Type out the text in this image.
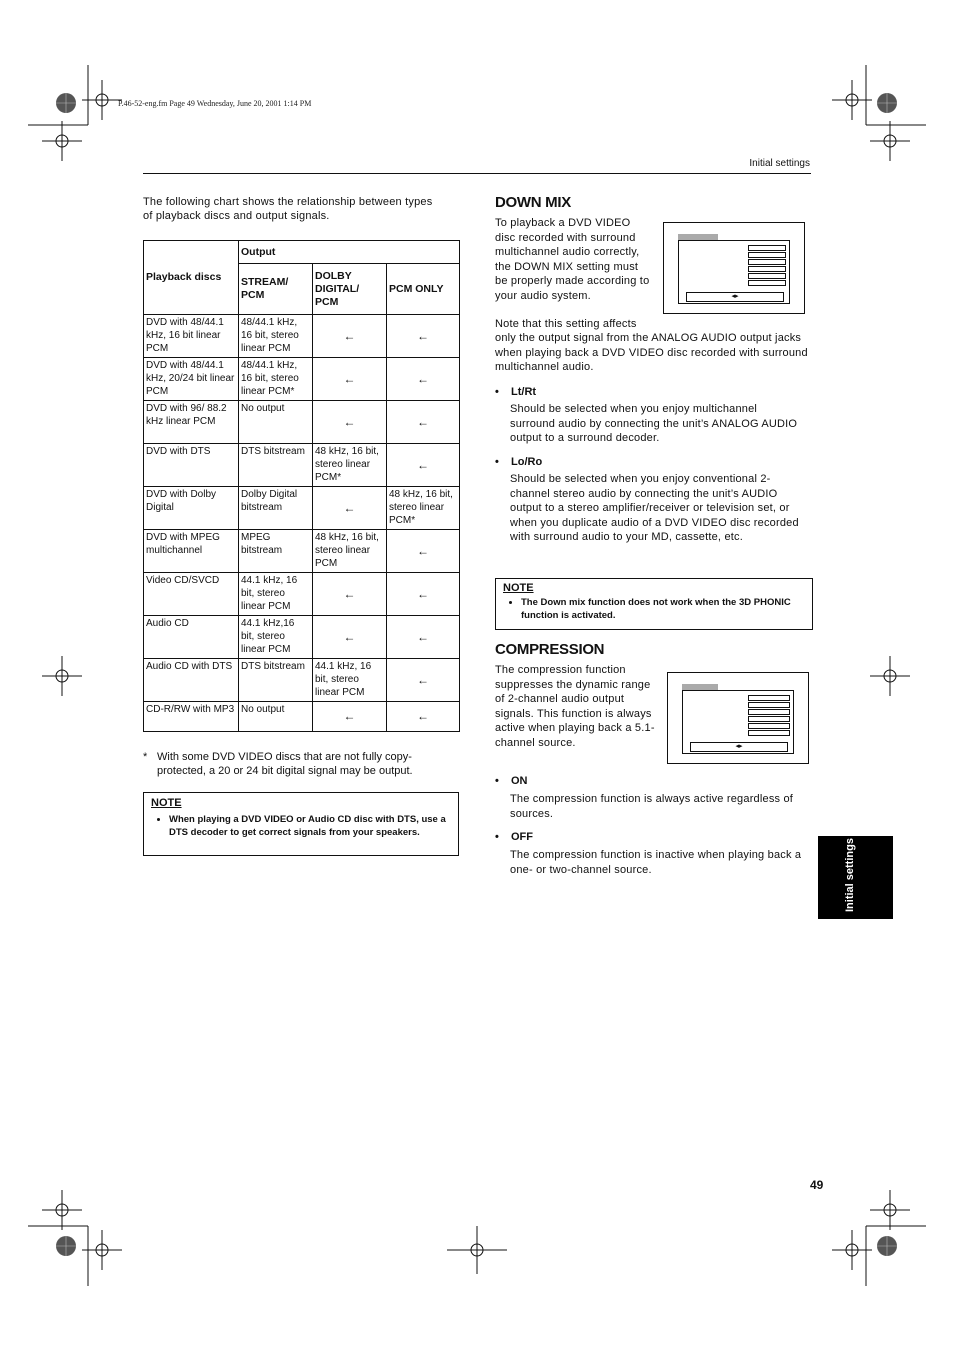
P.46-52-eng.fm Page 49 Wednesday, June 20, 2001 1:14 PM
Initial settings
The following chart shows the relationship between types of playback discs and output signals.
Playback discs	Output		
	STREAM/ PCM	DOLBY DIGITAL/ PCM	PCM ONLY
DVD with 48/44.1 kHz, 16 bit linear PCM	48/44.1 kHz, 16 bit, stereo linear PCM	←	←
DVD with 48/44.1 kHz, 20/24 bit linear PCM	48/44.1 kHz, 16 bit, stereo linear PCM*	←	←
DVD with 96/ 88.2 kHz linear PCM	No output	←	←
DVD with DTS	DTS bitstream	48 kHz, 16 bit, stereo linear PCM*	←
DVD with Dolby Digital	Dolby Digital bitstream	←	48 kHz, 16 bit, stereo linear PCM*
DVD with MPEG multichannel	MPEG bitstream	48 kHz, 16 bit, stereo linear PCM	←
Video CD/SVCD	44.1 kHz, 16 bit, stereo linear PCM	←	←
Audio CD	44.1 kHz,16 bit, stereo linear PCM	←	←
Audio CD with DTS	DTS bitstream	44.1 kHz, 16 bit, stereo linear PCM	←
CD-R/RW with MP3	No output	←	←
* With some DVD VIDEO discs that are not fully copy-protected, a 20 or 24 bit digital signal may be output.
NOTE
• When playing a DVD VIDEO or Audio CD disc with DTS, use a DTS decoder to get correct signals from your speakers.
DOWN MIX
To playback a DVD VIDEO disc recorded with surround multichannel audio correctly, the DOWN MIX setting must be properly made according to your audio system.
Note that this setting affects
only the output signal from the ANALOG AUDIO output jacks when playing back a DVD VIDEO disc recorded with surround multichannel audio.
◂▸
• Lt/Rt
Should be selected when you enjoy multichannel surround audio by connecting the unit’s ANALOG AUDIO output to a surround decoder.
• Lo/Ro
Should be selected when you enjoy conventional 2-channel stereo audio by connecting the unit’s AUDIO output to a stereo amplifier/receiver or television set, or when you duplicate audio of a DVD VIDEO disc recorded with surround audio to your MD, cassette, etc.
NOTE
• The Down mix function does not work when the 3D PHONIC function is activated.
COMPRESSION
The compression function suppresses the dynamic range of 2-channel audio output signals. This function is always active when playing back a 5.1-channel source.	◂▸
• ON
The compression function is always active regardless of sources.
• OFF
The compression function is inactive when playing back a one- or two-channel source.	Initial settings
49
